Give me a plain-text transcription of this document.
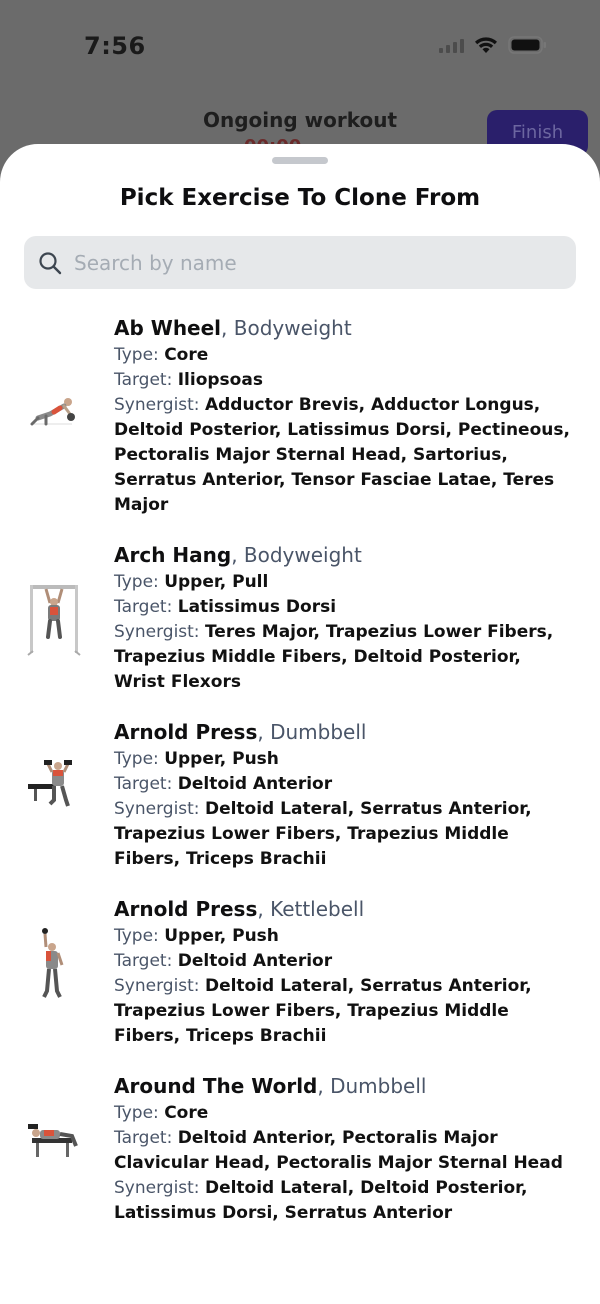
7:56
Ongoing workout
Finish
Pick Exercise To Clone From
Search by name
Ab Wheel, Bodyweight
Type: Core
Target: Iliopsoas
Synergist: Adductor Brevis, Adductor Longus, Deltoid Posterior, Latissimus Dorsi, Pectineous, Pectoralis Major Sternal Head, Sartorius, Serratus Anterior, Tensor Fasciae Latae, Teres Major
Arch Hang, Bodyweight
Type: Upper, Pull
Target: Latissimus Dorsi
Synergist: Teres Major, Trapezius Lower Fibers, Trapezius Middle Fibers, Deltoid Posterior, Wrist Flexors
Arnold Press, Dumbbell
Type: Upper, Push
Target: Deltoid Anterior
Synergist: Deltoid Lateral, Serratus Anterior, Trapezius Lower Fibers, Trapezius Middle Fibers, Triceps Brachii
Arnold Press, Kettlebell
Type: Upper, Push
Target: Deltoid Anterior
Synergist: Deltoid Lateral, Serratus Anterior, Trapezius Lower Fibers, Trapezius Middle Fibers, Triceps Brachii
Around The World, Dumbbell
Type: Core
Target: Deltoid Anterior, Pectoralis Major Clavicular Head, Pectoralis Major Sternal Head
Synergist: Deltoid Lateral, Deltoid Posterior, Latissimus Dorsi, Serratus Anterior
